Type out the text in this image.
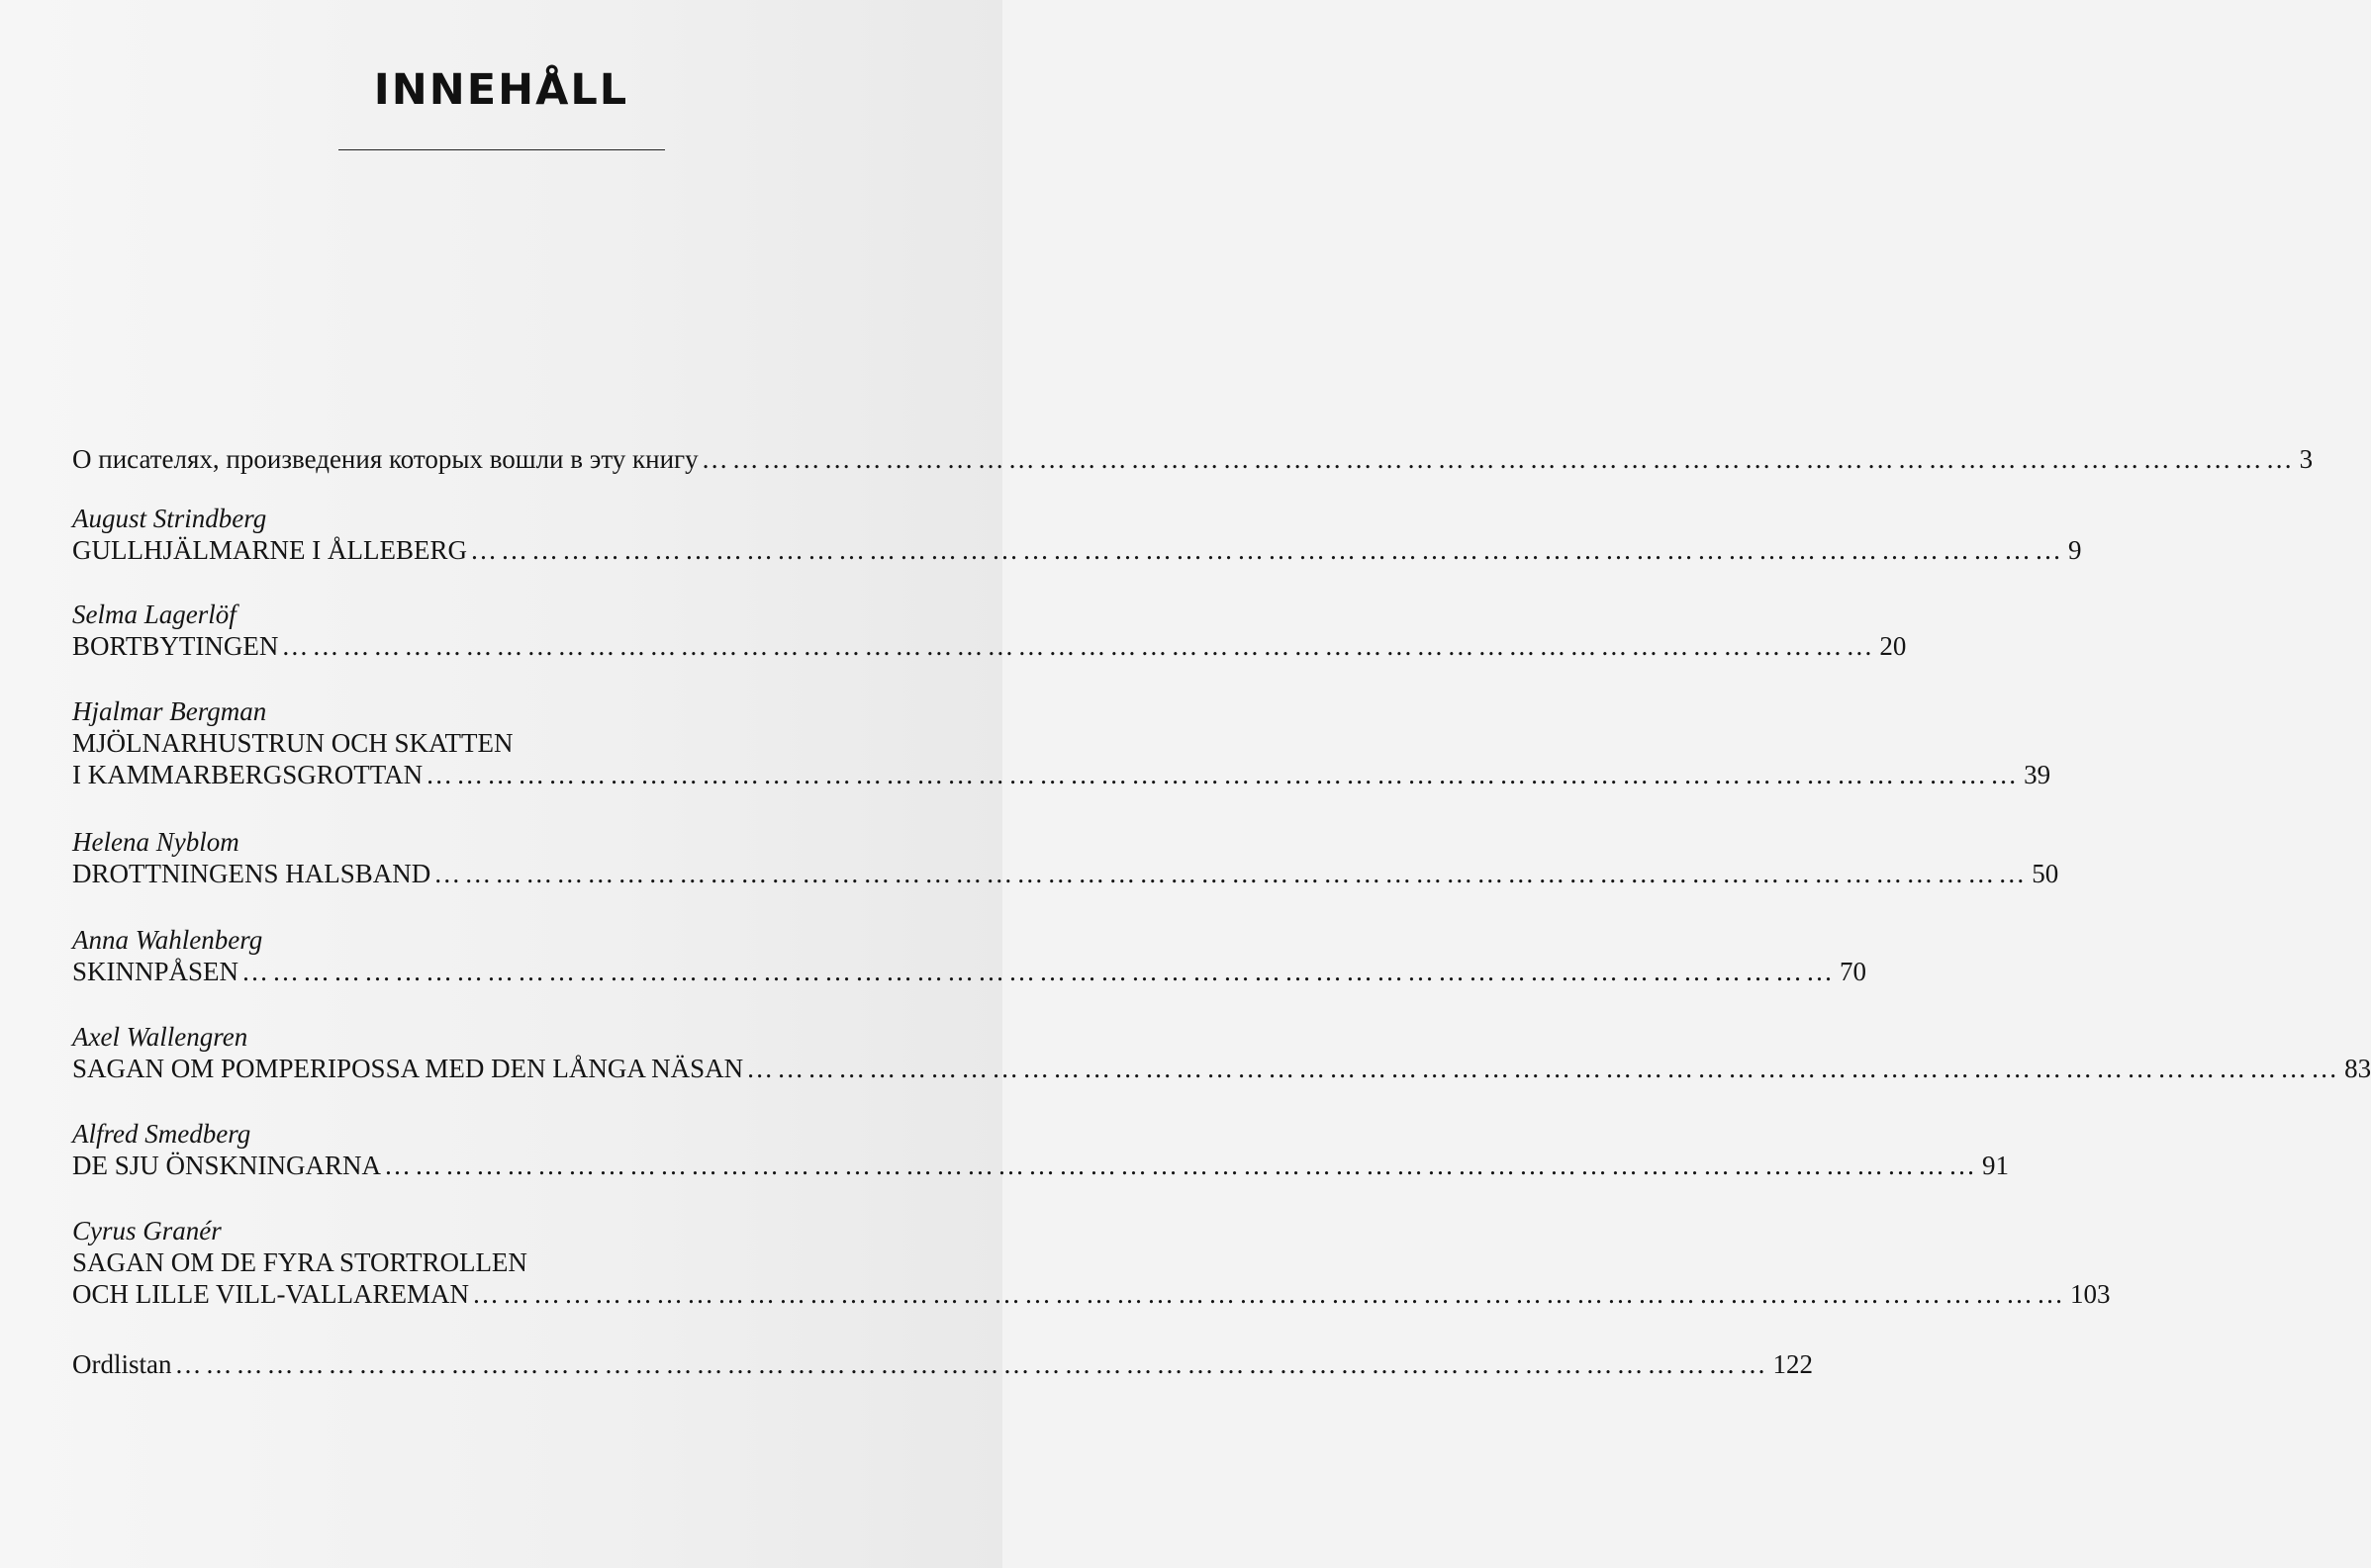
INNEHÅLL
О писателях, произведения которых вошли в эту книгу ………………………………………………………………………………………………………………………………………… 3
August Strindberg
GULLHJÄLMARNE I ÅLLEBERG ………………………………………………………………………………………………………………………………………… 9
Selma Lagerlöf
BORTBYTINGEN ………………………………………………………………………………………………………………………………………… 20
Hjalmar Bergman
MJÖLNARHUSTRUN OCH SKATTEN
I KAMMARBERGSGROTTAN ………………………………………………………………………………………………………………………………………… 39
Helena Nyblom
DROTTNINGENS HALSBAND ………………………………………………………………………………………………………………………………………… 50
Anna Wahlenberg
SKINNPÅSEN ………………………………………………………………………………………………………………………………………… 70
Axel Wallengren
SAGAN OM POMPERIPOSSA MED DEN LÅNGA NÄSAN ………………………………………………………………………………………………………………………………………… 83
Alfred Smedberg
DE SJU ÖNSKNINGARNA ………………………………………………………………………………………………………………………………………… 91
Cyrus Granér
SAGAN OM DE FYRA STORTROLLEN
OCH LILLE VILL-VALLAREMAN ………………………………………………………………………………………………………………………………………… 103
Ordlistan ………………………………………………………………………………………………………………………………………… 122
